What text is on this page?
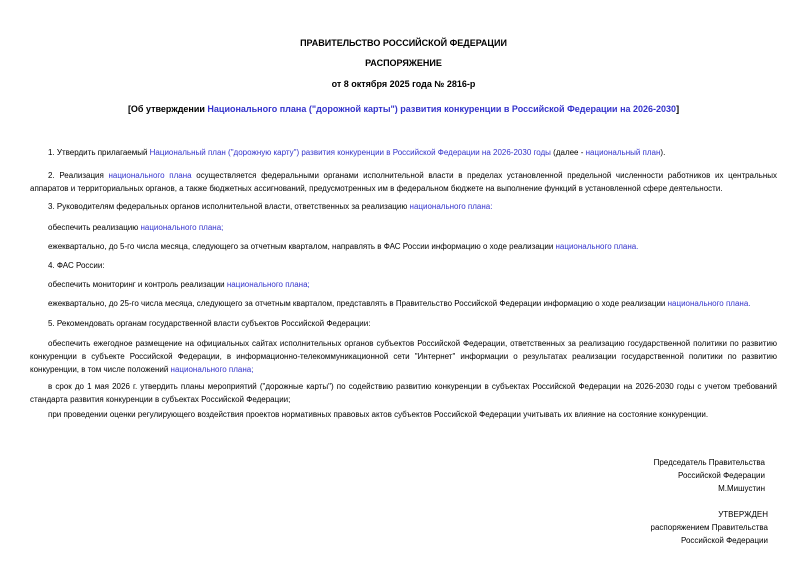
ПРАВИТЕЛЬСТВО РОССИЙСКОЙ ФЕДЕРАЦИИ

РАСПОРЯЖЕНИЕ

от 8 октября 2025 года № 2816-р

[Об утверждении Национального плана ("дорожной карты") развития конкуренции в Российской Федерации на 2026-2030]

1. Утвердить прилагаемый Национальный план ("дорожную карту") развития конкуренции в Российской Федерации на 2026-2030 годы (далее - национальный план).

2. Реализация национального плана осуществляется федеральными органами исполнительной власти в пределах установленной предельной численности работников их центральных аппаратов и территориальных органов, а также бюджетных ассигнований, предусмотренных им в федеральном бюджете на выполнение функций в установленной сфере деятельности.

3. Руководителям федеральных органов исполнительной власти, ответственных за реализацию национального плана:

обеспечить реализацию национального плана;

ежеквартально, до 5-го числа месяца, следующего за отчетным кварталом, направлять в ФАС России информацию о ходе реализации национального плана.

4. ФАС России:

обеспечить мониторинг и контроль реализации национального плана;

ежеквартально, до 25-го числа месяца, следующего за отчетным кварталом, представлять в Правительство Российской Федерации информацию о ходе реализации национального плана.

5. Рекомендовать органам государственной власти субъектов Российской Федерации:

обеспечить ежегодное размещение на официальных сайтах исполнительных органов субъектов Российской Федерации, ответственных за реализацию государственной политики по развитию конкуренции в субъекте Российской Федерации, в информационно-телекоммуникационной сети "Интернет" информации о результатах реализации государственной политики по развитию конкуренции, в том числе положений национального плана;

в срок до 1 мая 2026 г. утвердить планы мероприятий ("дорожные карты") по содействию развитию конкуренции в субъектах Российской Федерации на 2026-2030 годы с учетом требований стандарта развития конкуренции в субъектах Российской Федерации;

при проведении оценки регулирующего воздействия проектов нормативных правовых актов субъектов Российской Федерации учитывать их влияние на состояние конкуренции.

Председатель Правительства

Российской Федерации

М.Мишустин

УТВЕРЖДЕН

распоряжением Правительства

Российской Федерации
